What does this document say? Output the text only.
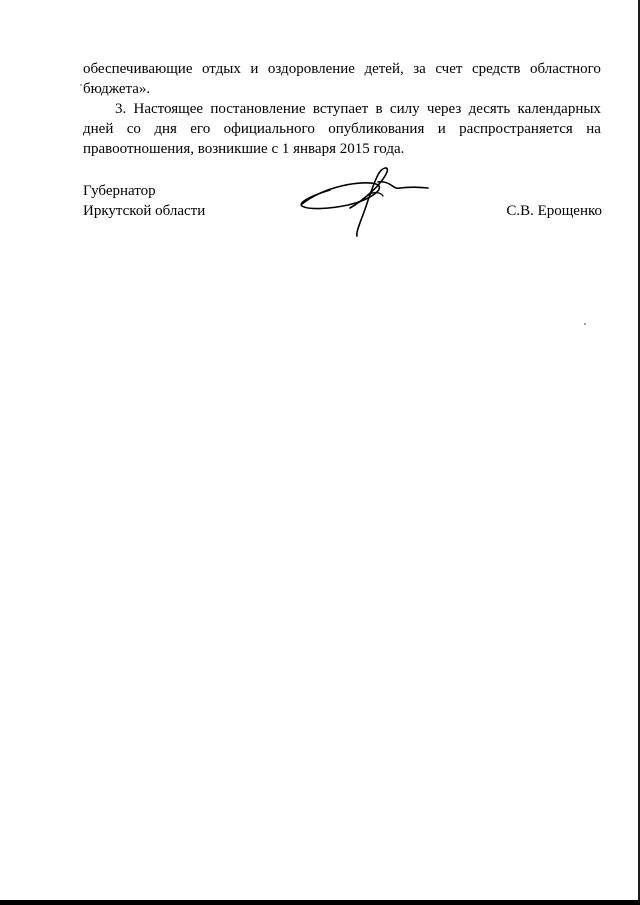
обеспечивающие отдых и оздоровление детей, за счет средств областного
бюджета».
3. Настоящее постановление вступает в силу через десять календарных
дней со дня его официального опубликования и распространяется на
правоотношения, возникшие с 1 января 2015 года.
Губернатор
Иркутской области	С.В. Ерощенко
